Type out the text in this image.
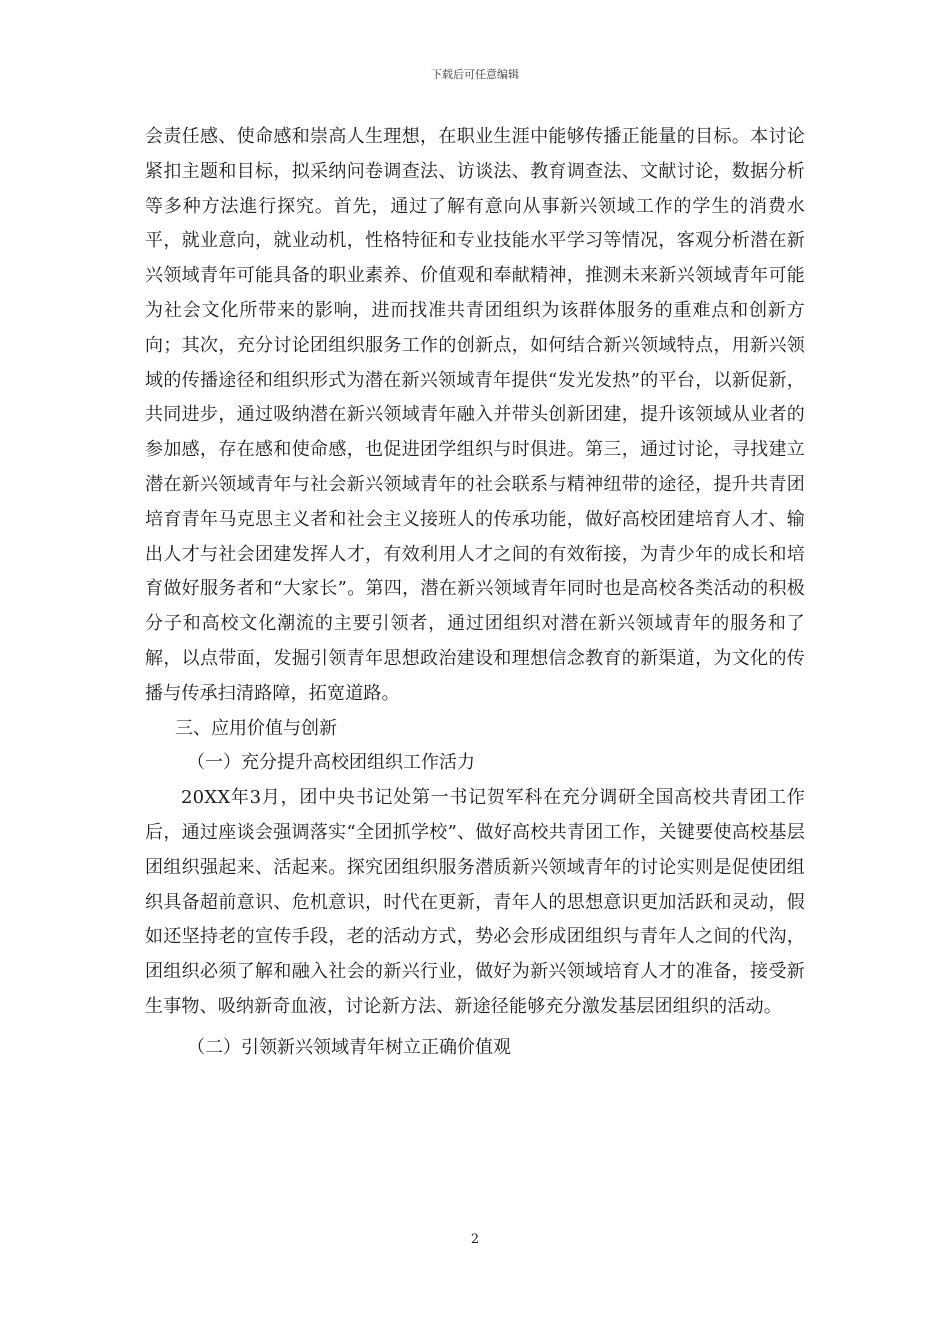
下载后可任意编辑

会责任感、使命感和崇高人生理想，在职业生涯中能够传播正能量的目标。本讨论紧扣主题和目标，拟采纳问卷调查法、访谈法、教育调查法、文献讨论，数据分析等多种方法進行探究。首先，通过了解有意向从事新兴领域工作的学生的消费水平，就业意向，就业动机，性格特征和专业技能水平学习等情况，客观分析潜在新兴领域青年可能具备的职业素养、价值观和奉献精神，推测未来新兴领域青年可能为社会文化所带来的影响，进而找准共青团组织为该群体服务的重难点和创新方向；其次，充分讨论团组织服务工作的创新点，如何结合新兴领域特点，用新兴领域的传播途径和组织形式为潜在新兴领域青年提供“发光发热”的平台，以新促新，共同进步，通过吸纳潜在新兴领域青年融入并带头创新团建，提升该领域从业者的参加感，存在感和使命感，也促进团学组织与时俱进。第三，通过讨论，寻找建立潜在新兴领域青年与社会新兴领域青年的社会联系与精神纽带的途径，提升共青团培育青年马克思主义者和社会主义接班人的传承功能，做好高校团建培育人才、输出人才与社会团建发挥人才，有效利用人才之间的有效衔接，为青少年的成长和培育做好服务者和“大家长”。第四，潜在新兴领域青年同时也是高校各类活动的积极分子和高校文化潮流的主要引领者，通过团组织对潜在新兴领域青年的服务和了解，以点带面，发掘引领青年思想政治建设和理想信念教育的新渠道，为文化的传播与传承扫清路障，拓宽道路。

三、应用价值与创新

（一）充分提升高校团组织工作活力

20XX年3月，团中央书记处第一书记贺军科在充分调研全国高校共青团工作后，通过座谈会强调落实“全团抓学校”、做好高校共青团工作，关键要使高校基层团组织强起来、活起来。探究团组织服务潜质新兴领域青年的讨论实则是促使团组织具备超前意识、危机意识，时代在更新，青年人的思想意识更加活跃和灵动，假如还坚持老的宣传手段，老的活动方式，势必会形成团组织与青年人之间的代沟，团组织必须了解和融入社会的新兴行业，做好为新兴领域培育人才的准备，接受新生事物、吸纳新奇血液，讨论新方法、新途径能够充分激发基层团组织的活动。

（二）引领新兴领域青年树立正确价值观

2
